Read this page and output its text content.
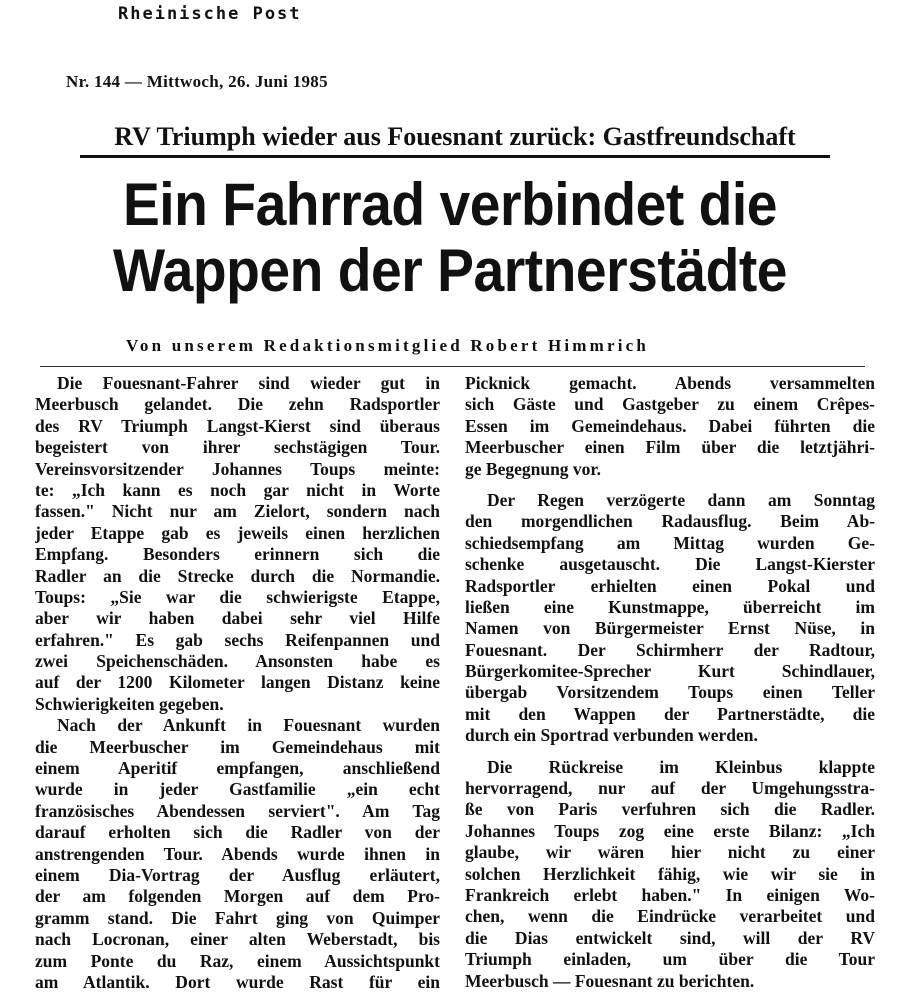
Rheinische Post
Nr. 144 — Mittwoch, 26. Juni 1985
RV Triumph wieder aus Fouesnant zurück: Gastfreundschaft
Ein Fahrrad verbindet die
Wappen der Partnerstädte
Von unserem Redaktionsmitglied Robert Himmrich
Die Fouesnant-Fahrer sind wieder gut in
Meerbusch gelandet. Die zehn Radsportler
des RV Triumph Langst-Kierst sind überaus
begeistert von ihrer sechstägigen Tour.
Vereinsvorsitzender Johannes Toups meinte:
te: „Ich kann es noch gar nicht in Worte
fassen." Nicht nur am Zielort, sondern nach
jeder Etappe gab es jeweils einen herzlichen
Empfang. Besonders erinnern sich die
Radler an die Strecke durch die Normandie.
Toups: „Sie war die schwierigste Etappe,
aber wir haben dabei sehr viel Hilfe
erfahren." Es gab sechs Reifenpannen und
zwei Speichenschäden. Ansonsten habe es
auf der 1200 Kilometer langen Distanz keine
Schwierigkeiten gegeben.
Nach der Ankunft in Fouesnant wurden
die Meerbuscher im Gemeindehaus mit
einem Aperitif empfangen, anschließend
wurde in jeder Gastfamilie „ein echt
französisches Abendessen serviert". Am Tag
darauf erholten sich die Radler von der
anstrengenden Tour. Abends wurde ihnen in
einem Dia-Vortrag der Ausflug erläutert,
der am folgenden Morgen auf dem Pro-
gramm stand. Die Fahrt ging von Quimper
nach Locronan, einer alten Weberstadt, bis
zum Ponte du Raz, einem Aussichtspunkt
am Atlantik. Dort wurde Rast für ein
Picknick gemacht. Abends versammelten
sich Gäste und Gastgeber zu einem Crêpes-
Essen im Gemeindehaus. Dabei führten die
Meerbuscher einen Film über die letztjähri-
ge Begegnung vor.
Der Regen verzögerte dann am Sonntag
den morgendlichen Radausflug. Beim Ab-
schiedsempfang am Mittag wurden Ge-
schenke ausgetauscht. Die Langst-Kierster
Radsportler erhielten einen Pokal und
ließen eine Kunstmappe, überreicht im
Namen von Bürgermeister Ernst Nüse, in
Fouesnant. Der Schirmherr der Radtour,
Bürgerkomitee-Sprecher Kurt Schindlauer,
übergab Vorsitzendem Toups einen Teller
mit den Wappen der Partnerstädte, die
durch ein Sportrad verbunden werden.
Die Rückreise im Kleinbus klappte
hervorragend, nur auf der Umgehungsstra-
ße von Paris verfuhren sich die Radler.
Johannes Toups zog eine erste Bilanz: „Ich
glaube, wir wären hier nicht zu einer
solchen Herzlichkeit fähig, wie wir sie in
Frankreich erlebt haben." In einigen Wo-
chen, wenn die Eindrücke verarbeitet und
die Dias entwickelt sind, will der RV
Triumph einladen, um über die Tour
Meerbusch — Fouesnant zu berichten.
